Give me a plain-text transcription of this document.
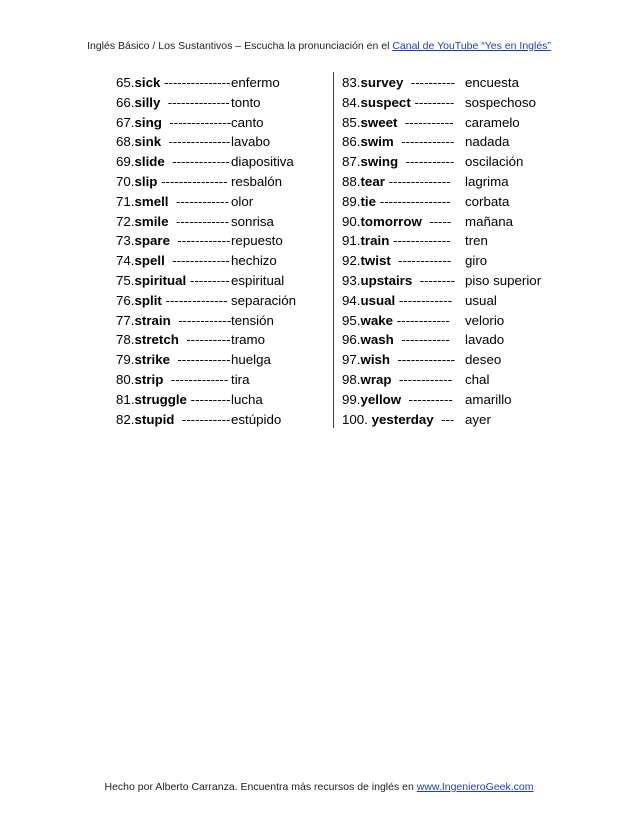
Inglés Básico / Los Sustantivos – Escucha la pronunciación en el Canal de YouTube “Yes en Inglés”
65.sick --------------- enfermo
66.silly  -------------- tonto
67.sing  -------------- canto
68.sink  -------------- lavabo
69.slide  ------------- diapositiva
70.slip --------------- resbalón
71.smell  ------------ olor
72.smile  ------------ sonrisa
73.spare  ------------ repuesto
74.spell  ------------- hechizo
75.spiritual --------- espiritual
76.split -------------- separación
77.strain  ------------ tensión
78.stretch  ---------- tramo
79.strike  ------------ huelga
80.strip  ------------- tira
81.struggle --------- lucha
82.stupid  ----------- estúpido
83.survey  ---------- encuesta
84.suspect --------- sospechoso
85.sweet  ----------- caramelo
86.swim  ------------ nadada
87.swing  ----------- oscilación
88.tear -------------- lagrima
89.tie ---------------- corbata
90.tomorrow  ----- mañana
91.train ------------- tren
92.twist  ------------ giro
93.upstairs  -------- piso superior
94.usual ------------ usual
95.wake ------------ velorio
96.wash  ----------- lavado
97.wish  ------------- deseo
98.wrap  ------------ chal
99.yellow  ---------- amarillo
100. yesterday  --- ayer
Hecho por Alberto Carranza. Encuentra más recursos de inglés en www.IngenieroGeek.com
